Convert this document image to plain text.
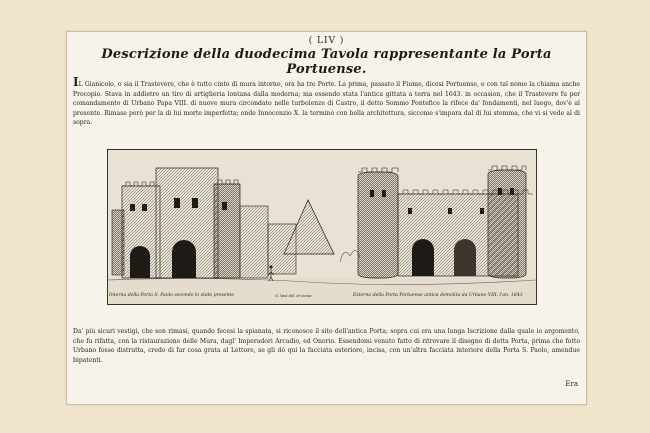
( LIV )
Descrizione della duodecima Tavola rappresentante la Porta Portuense.
IL Gianicolo, o sia il Trastevere, che è tutto cinto di mura intorno, ora ha tre Porte. La prima, passato il Fiume, dicesi Portuense, e con tal nome la chiama anche Procopio. Stava in addietro un tiro di artiglieria lontana dalla moderna; ma essendo stata l'antica gittata a terra nel 1643. in occasion, che il Trastevere fu per comandamento di Urbano Papa VIII. di nuove mura circondato nelle turbolenze di Castro, il detto Sommo Pontefice la rifece da' fondamenti, nel luogo, dov'è al presente. Rimase però per la di lui morte imperfetta; onde Innocenzio X. la terminò con bella architettura, siccome s'impara dal di lui stemma, che vi si vede al di sopra.
Interna della Porta S. Paolo secondo lo stato presente	G. Vasi del. et incise	Esterna della Porta Portuense antica demolita da Urbano VIII. l'an. 1643
Da' più sicuri vestigi, che son rimasi, quando fecesi la spianata, si riconosce il sito dell'antica Porta; sopra cui era una lunga Iscrizione dalla quale io argomento, che fu rifatta, con la ristaurazione delle Mura, dagl' Imperadori Arcadio, ed Onorio. Essendomi venuto fatto di ritrovare il disegno di detta Porta, prima che fotto Urbano fosse distrutta, credo di far cosa grata al Lettore, se gli dò qui la facciata esteriore, incisa, con un'altra facciata interiore della Porta S. Paolo, amendue bipatenti.
Era
